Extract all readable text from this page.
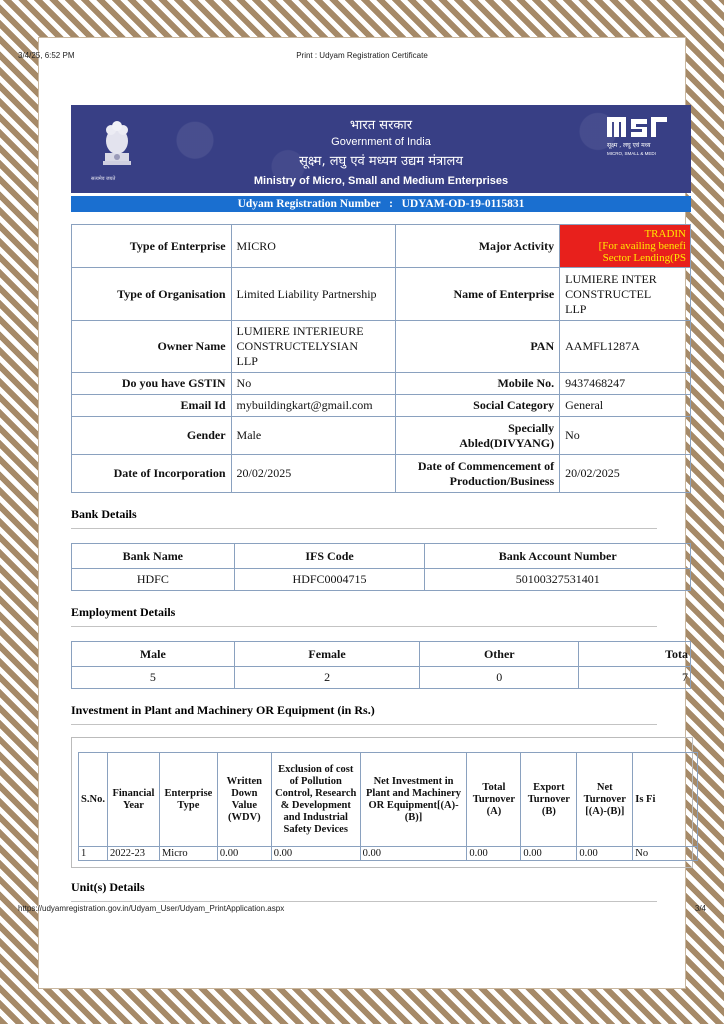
3/4/25, 6:52 PM	Print : Udyam Registration Certificate
सत्यमेव जयते
भारत सरकार
Government of India
सूक्ष्म, लघु एवं मध्यम उद्यम मंत्रालय
Ministry of Micro, Small and Medium Enterprises
सूक्ष्म , लघु एवं मध्य
MICRO, SMALL & MEDI
Udyam Registration Number : UDYAM-OD-19-0115831
Type of Enterprise	MICRO	Major Activity	TRADIN
[For availing benefi
Sector Lending(PS

Type of Organisation	Limited Liability Partnership	Name of Enterprise	LUMIERE INTER
CONSTRUCTEL
LLP

Owner Name	LUMIERE INTERIEURE
CONSTRUCTELYSIAN
LLP	PAN	AAMFL1287A
Do you have GSTIN	No	Mobile No.	9437468247
Email Id	mybuildingkart@gmail.com	Social Category	General
Gender	Male	Specially
Abled(DIVYANG)	No
Date of Incorporation	20/02/2025	Date of Commencement of
Production/Business	20/02/2025
Bank Details
Bank Name	IFS Code	Bank Account Number
HDFC	HDFC0004715	50100327531401
Employment Details
Male	Female	Other	Tota
5	2	0	7
Investment in Plant and Machinery OR Equipment (in Rs.)
S.No.	Financial Year	Enterprise Type	Written Down Value (WDV)	Exclusion of cost of Pollution Control, Research & Development and Industrial Safety Devices	Net Investment in Plant and Machinery OR Equipment[(A)-(B)]	Total Turnover (A)	Export Turnover (B)	Net Turnover [(A)-(B)]	Is Fi
1	2022-23	Micro	0.00	0.00	0.00	0.00	0.00	0.00	No
Unit(s) Details
https://udyamregistration.gov.in/Udyam_User/Udyam_PrintApplication.aspx	3/4
